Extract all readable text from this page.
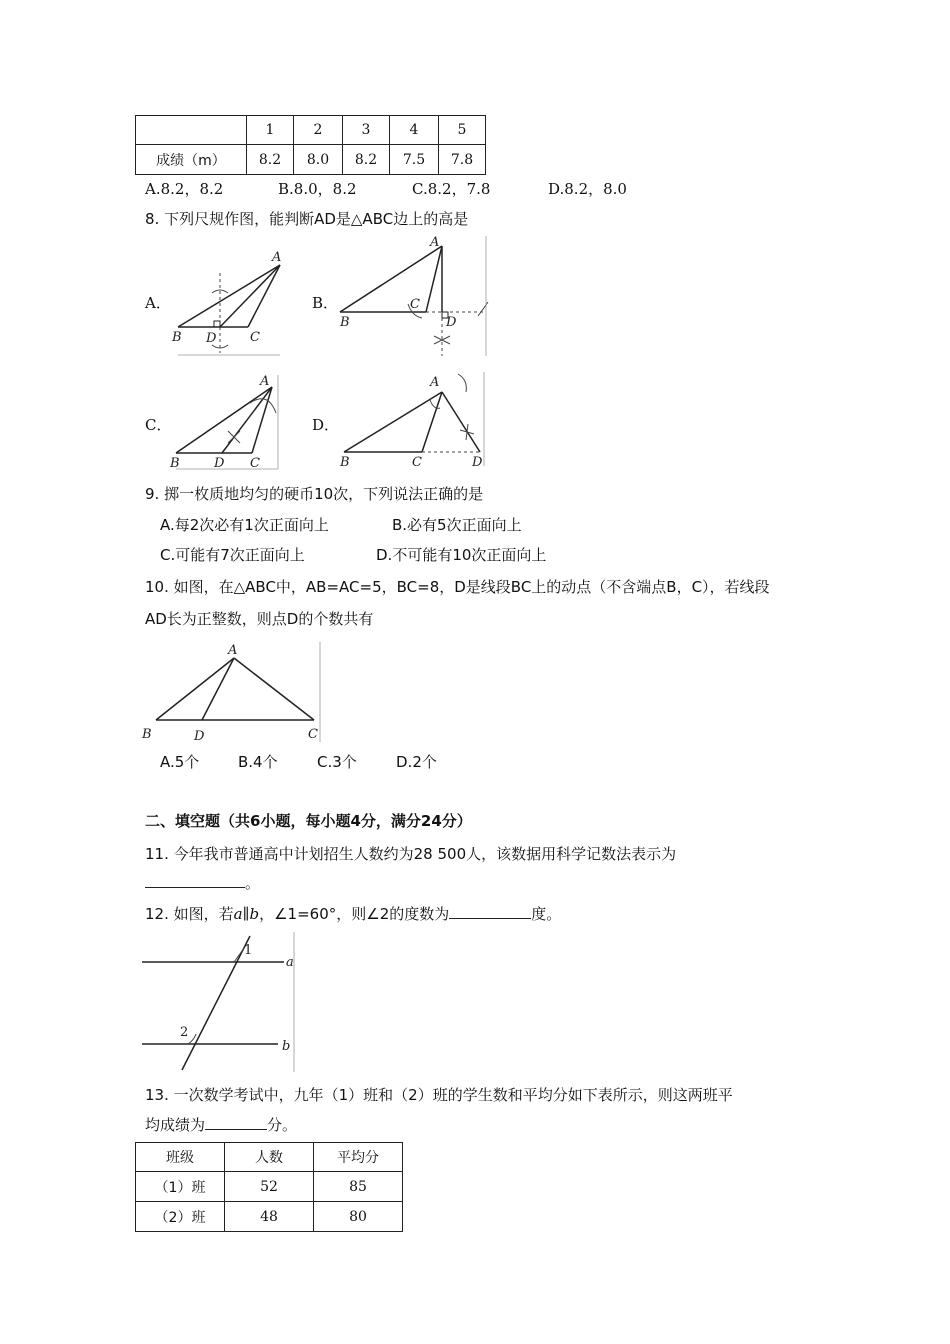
	1	2	3	4	5
成绩（m）	8.2	8.0	8.2	7.5	7.8
A.8.2，8.2	B.8.0，8.2	C.8.2，7.8	D.8.2，8.0
8. 下列尺规作图，能判断AD是△ABC边上的高是
A．	B．
C．	D．
A
B D	C
A
B
C
D
A
B	D C
A
B	C	D
9. 掷一枚质地均匀的硬币10次，下列说法正确的是
A.每2次必有1次正面向上	B.必有5次正面向上
C.可能有7次正面向上	D.不可能有10次正面向上
10. 如图，在△ABC中，AB=AC=5，BC=8，D是线段BC上的动点（不含端点B，C），若线段
AD长为正整数，则点D的个数共有
A
B	D	C
A.5个	B.4个	C.3个	D.2个
二、填空题（共6小题，每小题4分，满分24分）
11. 今年我市普通高中计划招生人数约为28 500人，该数据用科学记数法表示为
。
12. 如图，若a∥b，∠1=60°，则∠2的度数为	度。
1
a
2
b
13. 一次数学考试中，九年（1）班和（2）班的学生数和平均分如下表所示，则这两班平
均成绩为	分。
班级	人数	平均分
（1）班	52	85
（2）班	48	80
